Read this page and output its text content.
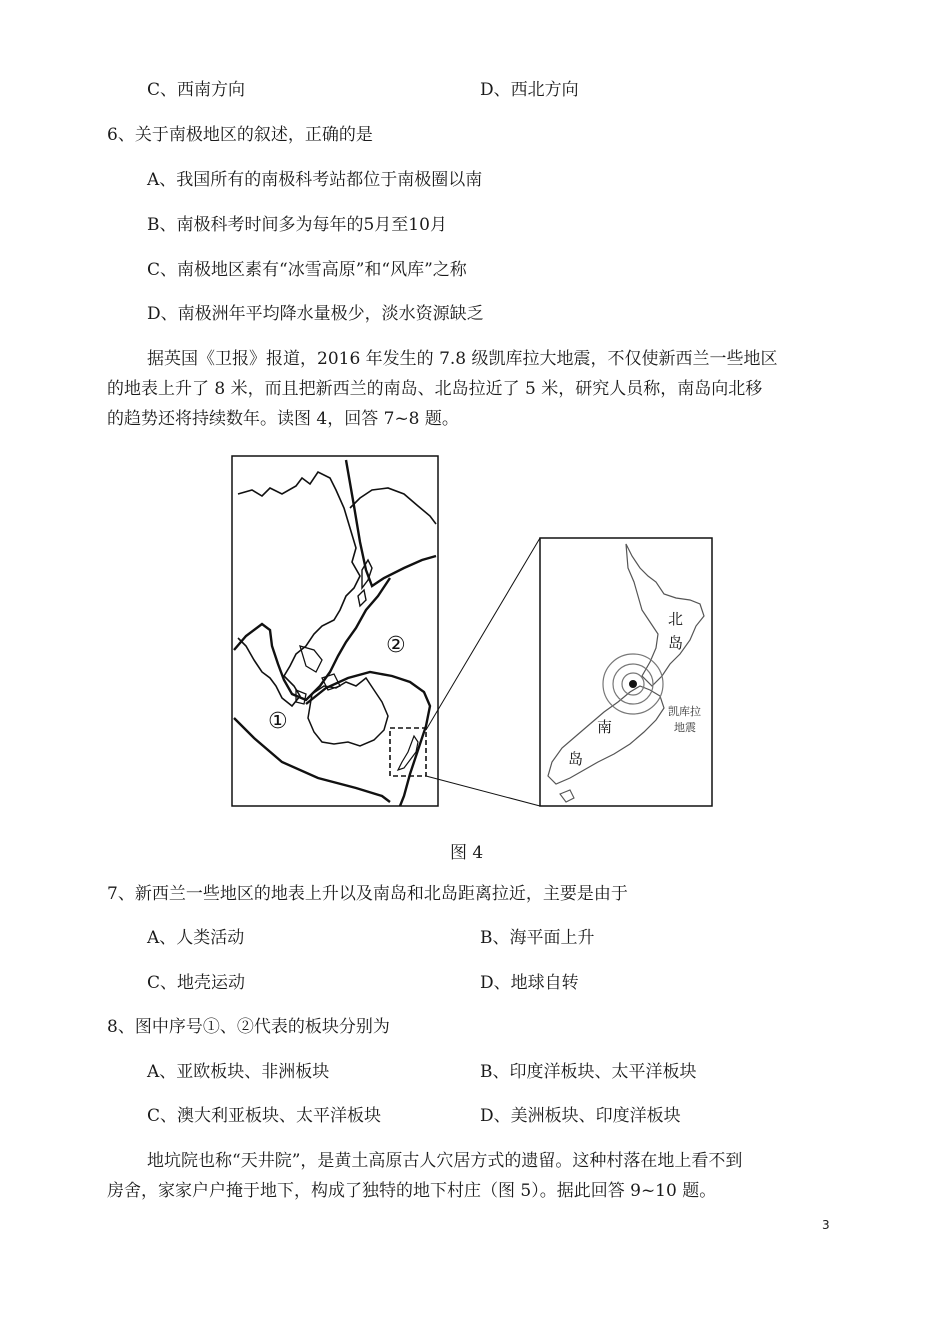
C、西南方向	D、西北方向
6、关于南极地区的叙述，正确的是
A、我国所有的南极科考站都位于南极圈以南
B、南极科考时间多为每年的5月至10月
C、南极地区素有“冰雪高原”和“风库”之称
D、南极洲年平均降水量极少，淡水资源缺乏
据英国《卫报》报道，2016 年发生的 7.8 级凯库拉大地震，不仅使新西兰一些地区
的地表上升了 8 米，而且把新西兰的南岛、北岛拉近了 5 米，研究人员称，南岛向北移
的趋势还将持续数年。读图 4，回答 7~8 题。
①
②
北
岛
南
岛
凯库拉
地震
图 4
7、新西兰一些地区的地表上升以及南岛和北岛距离拉近，主要是由于
A、人类活动	B、海平面上升
C、地壳运动	D、地球自转
8、图中序号①、②代表的板块分别为
A、亚欧板块、非洲板块	B、印度洋板块、太平洋板块
C、澳大利亚板块、太平洋板块	D、美洲板块、印度洋板块
地坑院也称“天井院”，是黄土高原古人穴居方式的遗留。这种村落在地上看不到
房舍，家家户户掩于地下，构成了独特的地下村庄（图 5）。据此回答 9~10 题。
3
